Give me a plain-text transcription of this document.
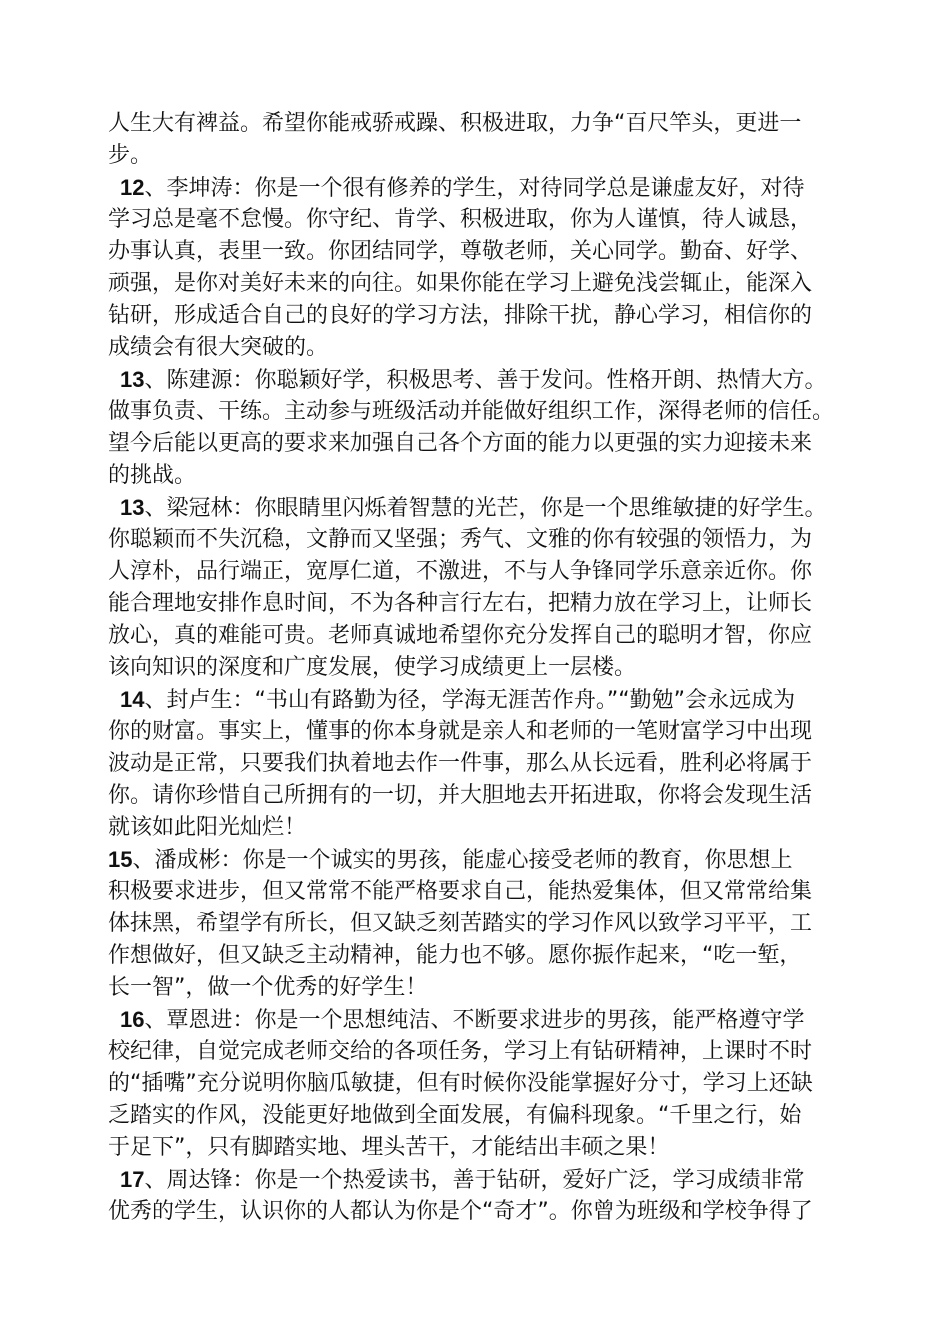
人生大有裨益。希望你能戒骄戒躁、积极进取，力争“百尺竿头，更进一
步。
12、李坤涛：你是一个很有修养的学生，对待同学总是谦虚友好，对待
学习总是毫不怠慢。你守纪、肯学、积极进取，你为人谨慎，待人诚恳，
办事认真，表里一致。你团结同学，尊敬老师，关心同学。勤奋、好学、
顽强，是你对美好未来的向往。如果你能在学习上避免浅尝辄止，能深入
钻研，形成适合自己的良好的学习方法，排除干扰，静心学习，相信你的
成绩会有很大突破的。
13、陈建源：你聪颖好学，积极思考、善于发问。性格开朗、热情大方。
做事负责、干练。主动参与班级活动并能做好组织工作，深得老师的信任。
望今后能以更高的要求来加强自己各个方面的能力以更强的实力迎接未来
的挑战。
13、梁冠林：你眼睛里闪烁着智慧的光芒，你是一个思维敏捷的好学生。
你聪颖而不失沉稳，文静而又坚强；秀气、文雅的你有较强的领悟力，为
人淳朴，品行端正，宽厚仁道，不激进，不与人争锋同学乐意亲近你。你
能合理地安排作息时间，不为各种言行左右，把精力放在学习上，让师长
放心，真的难能可贵。老师真诚地希望你充分发挥自己的聪明才智，你应
该向知识的深度和广度发展，使学习成绩更上一层楼。
14、封卢生：“书山有路勤为径，学海无涯苦作舟。”“勤勉”会永远成为
你的财富。事实上，懂事的你本身就是亲人和老师的一笔财富学习中出现
波动是正常，只要我们执着地去作一件事，那么从长远看，胜利必将属于
你。请你珍惜自己所拥有的一切，并大胆地去开拓进取，你将会发现生活
就该如此阳光灿烂！
15、潘成彬：你是一个诚实的男孩，能虚心接受老师的教育，你思想上
积极要求进步，但又常常不能严格要求自己，能热爱集体，但又常常给集
体抹黑，希望学有所长，但又缺乏刻苦踏实的学习作风以致学习平平，工
作想做好，但又缺乏主动精神，能力也不够。愿你振作起来，“吃一堑，
长一智”，做一个优秀的好学生！
16、覃恩进：你是一个思想纯洁、不断要求进步的男孩，能严格遵守学
校纪律，自觉完成老师交给的各项任务，学习上有钻研精神，上课时不时
的“插嘴”充分说明你脑瓜敏捷，但有时候你没能掌握好分寸，学习上还缺
乏踏实的作风，没能更好地做到全面发展，有偏科现象。“千里之行，始
于足下”，只有脚踏实地、埋头苦干，才能结出丰硕之果！
17、周达锋：你是一个热爱读书，善于钻研，爱好广泛，学习成绩非常
优秀的学生，认识你的人都认为你是个“奇才”。你曾为班级和学校争得了
